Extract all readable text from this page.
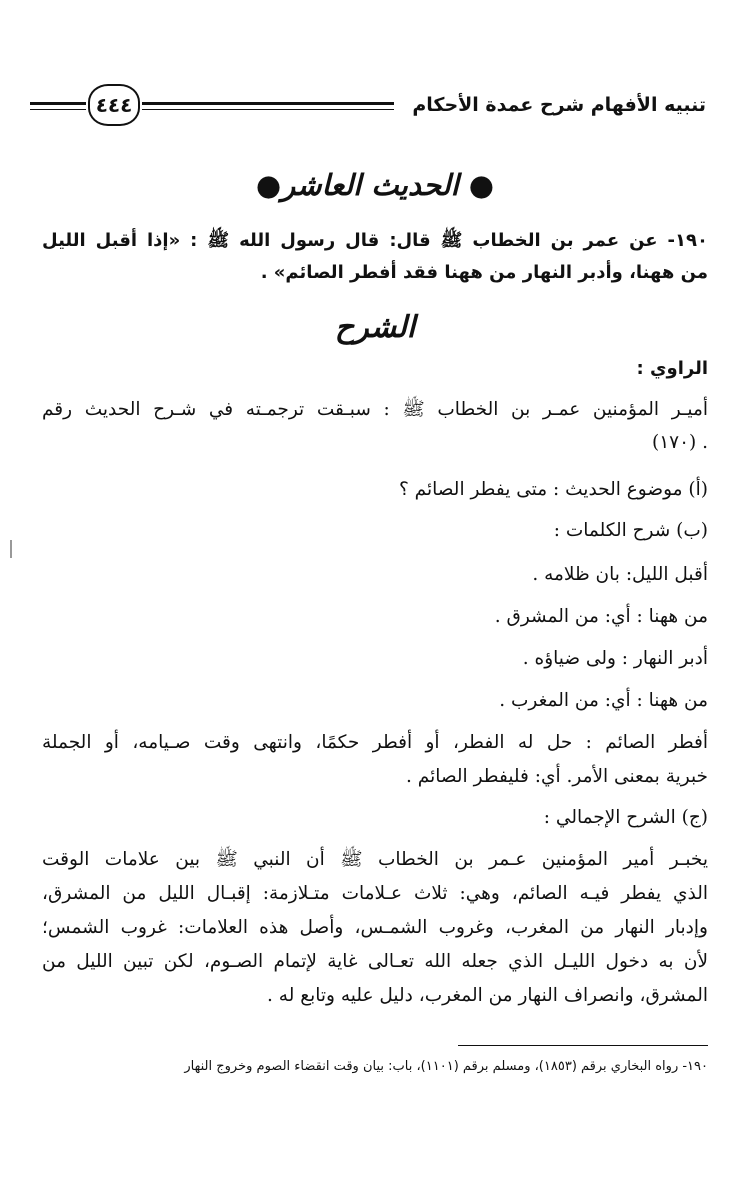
تنبيه الأفهام شرح عمدة الأحكام
٤٤٤
● الحديث العاشر●
١٩٠- عن عمر بن الخطاب ﷺ قال: قال رسول الله ﷺ : «إذا أقبل الليل
من ههنا، وأدبر النهار من ههنا فقد أفطر الصائم» .
الشرح
الراوي :
أميـر المؤمنين عمـر بن الخطاب ﷺ : سبـقت ترجمـته في شـرح الحديث رقم
. (١٧٠)
(أ) موضوع الحديث : متى يفطر الصائم ؟
(ب) شرح الكلمات :
أقبل الليل: بان ظلامه .
من ههنا : أي: من المشرق .
أدبر النهار : ولى ضياؤه .
من ههنا : أي: من المغرب .
أفطر الصائم : حل له الفطر، أو أفطر حكمًا، وانتهى وقت صـيامه، أو الجملة
خبرية بمعنى الأمر. أي: فليفطر الصائم .
(ج) الشرح الإجمالي :
يخبـر أمير المؤمنين عـمر بن الخطاب ﷺ أن النبي ﷺ بين علامات الوقت
الذي يفطر فيـه الصائم، وهي: ثلاث عـلامات متـلازمة: إقبـال الليل من المشرق،
وإدبار النهار من المغرب، وغروب الشمـس، وأصل هذه العلامات: غروب الشمس؛
لأن به دخول الليـل الذي جعله الله تعـالى غاية لإتمام الصـوم، لكن تبين الليل من
المشرق، وانصراف النهار من المغرب، دليل عليه وتابع له .
١٩٠- رواه البخاري برقم (١٨٥٣)، ومسلم برقم (١١٠١)، باب: بيان وقت انقضاء الصوم وخروج النهار
